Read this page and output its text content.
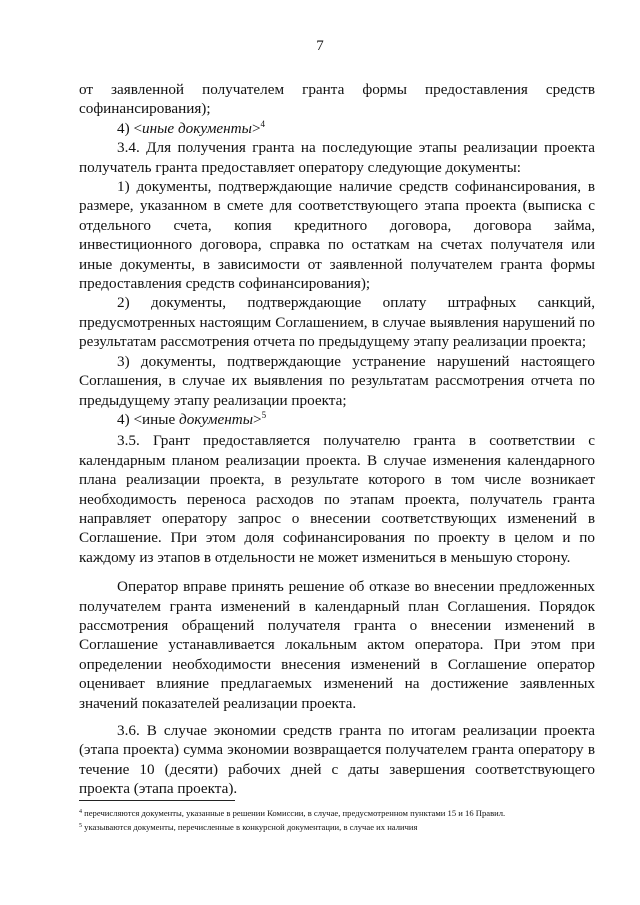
7

от заявленной получателем гранта формы предоставления средств софинансирования);

4) <иные документы>$^4$

3.4. Для получения гранта на последующие этапы реализации проекта получатель гранта предоставляет оператору следующие документы:

1) документы, подтверждающие наличие средств софинансирования, в размере, указанном в смете для соответствующего этапа проекта (выписка с отдельного счета, копия кредитного договора, договора займа, инвестиционного договора, справка по остаткам на счетах получателя или иные документы, в зависимости от заявленной получателем гранта формы предоставления средств софинансирования);

2) документы, подтверждающие оплату штрафных санкций, предусмотренных настоящим Соглашением, в случае выявления нарушений по результатам рассмотрения отчета по предыдущему этапу реализации проекта;

3) документы, подтверждающие устранение нарушений настоящего Соглашения, в случае их выявления по результатам рассмотрения отчета по предыдущему этапу реализации проекта;

4) <иные документы>$^5$

3.5. Грант предоставляется получателю гранта в соответствии с календарным планом реализации проекта. В случае изменения календарного плана реализации проекта, в результате которого в том числе возникает необходимость переноса расходов по этапам проекта, получатель гранта направляет оператору запрос о внесении соответствующих изменений в Соглашение. При этом доля софинансирования по проекту в целом и по каждому из этапов в отдельности не может измениться в меньшую сторону.

Оператор вправе принять решение об отказе во внесении предложенных получателем гранта изменений в календарный план Соглашения. Порядок рассмотрения обращений получателя гранта о внесении изменений в Соглашение устанавливается локальным актом оператора. При этом при определении необходимости внесения изменений в Соглашение оператор оценивает влияние предлагаемых изменений на достижение заявленных значений показателей реализации проекта.

3.6. В случае экономии средств гранта по итогам реализации проекта (этапа проекта) сумма экономии возвращается получателем гранта оператору в течение 10 (десяти) рабочих дней с даты завершения соответствующего проекта (этапа проекта).

$^4$ перечисляются документы, указанные в решении Комиссии, в случае, предусмотренном пунктами 15 и 16 Правил.
$^5$ указываются документы, перечисленные в конкурсной документации, в случае их наличия
